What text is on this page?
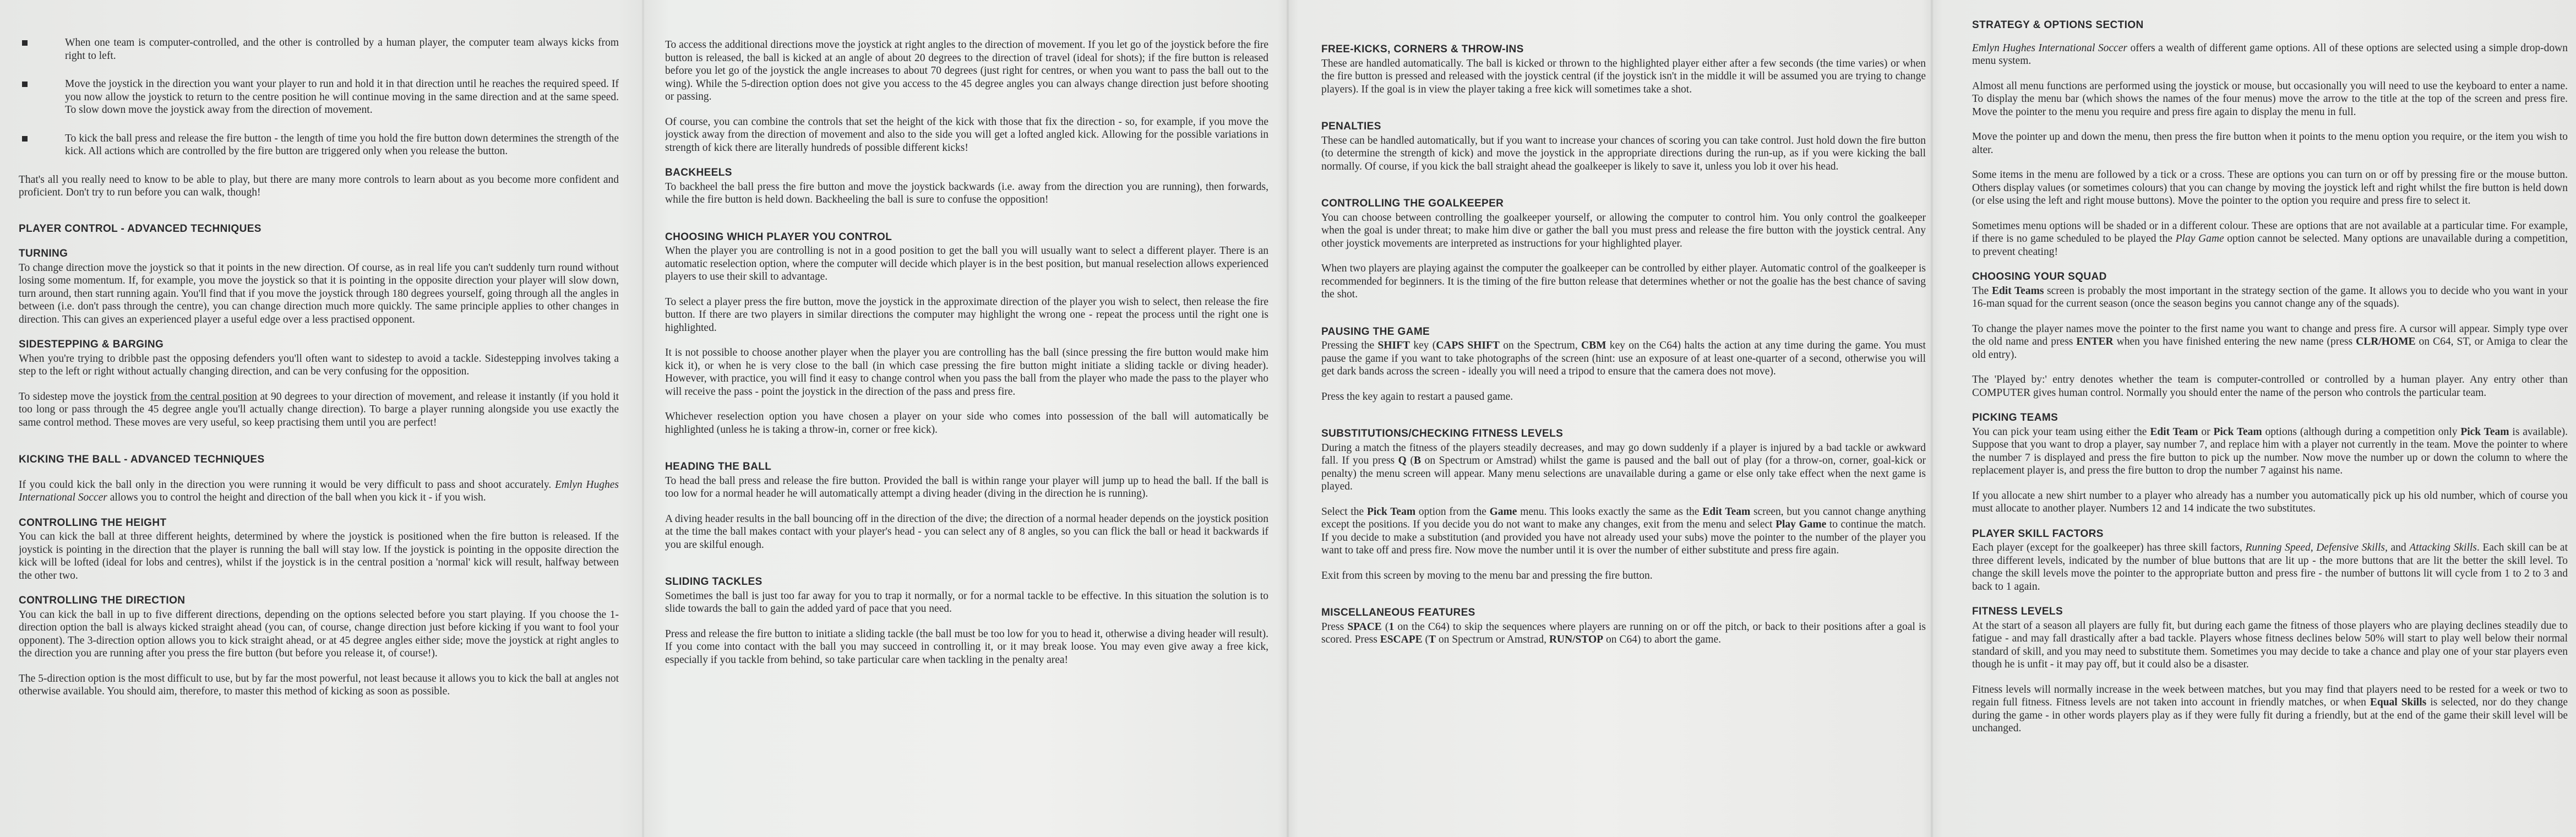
When one team is computer-controlled, and the other is controlled by a human player, the computer team always kicks from right to left.
Move the joystick in the direction you want your player to run and hold it in that direction until he reaches the required speed. If you now allow the joystick to return to the centre position he will continue moving in the same direction and at the same speed. To slow down move the joystick away from the direction of movement.
To kick the ball press and release the fire button - the length of time you hold the fire button down determines the strength of the kick. All actions which are controlled by the fire button are triggered only when you release the button.

That's all you really need to know to be able to play, but there are many more controls to learn about as you become more confident and proficient. Don't try to run before you can walk, though!

PLAYER CONTROL - ADVANCED TECHNIQUES
TURNING

To change direction move the joystick so that it points in the new direction. Of course, as in real life you can't suddenly turn round without losing some momentum. If, for example, you move the joystick so that it is pointing in the opposite direction your player will slow down, turn around, then start running again. You'll find that if you move the joystick through 180 degrees yourself, going through all the angles in between (i.e. don't pass through the centre), you can change direction much more quickly. The same principle applies to other changes in direction. This can gives an experienced player a useful edge over a less practised opponent.

SIDESTEPPING & BARGING

When you're trying to dribble past the opposing defenders you'll often want to sidestep to avoid a tackle. Sidestepping involves taking a step to the left or right without actually changing direction, and can be very confusing for the opposition.

To sidestep move the joystick from the central position at 90 degrees to your direction of movement, and release it instantly (if you hold it too long or pass through the 45 degree angle you'll actually change direction). To barge a player running alongside you use exactly the same control method. These moves are very useful, so keep practising them until you are perfect!

KICKING THE BALL - ADVANCED TECHNIQUES

If you could kick the ball only in the direction you were running it would be very difficult to pass and shoot accurately. Emlyn Hughes International Soccer allows you to control the height and direction of the ball when you kick it - if you wish.

CONTROLLING THE HEIGHT

You can kick the ball at three different heights, determined by where the joystick is positioned when the fire button is released. If the joystick is pointing in the direction that the player is running the ball will stay low. If the joystick is pointing in the opposite direction the kick will be lofted (ideal for lobs and centres), whilst if the joystick is in the central position a 'normal' kick will result, halfway between the other two.

CONTROLLING THE DIRECTION

You can kick the ball in up to five different directions, depending on the options selected before you start playing. If you choose the 1-direction option the ball is always kicked straight ahead (you can, of course, change direction just before kicking if you want to fool your opponent). The 3-direction option allows you to kick straight ahead, or at 45 degree angles either side; move the joystick at right angles to the direction you are running after you press the fire button (but before you release it, of course!).

The 5-direction option is the most difficult to use, but by far the most powerful, not least because it allows you to kick the ball at angles not otherwise available. You should aim, therefore, to master this method of kicking as soon as possible.

To access the additional directions move the joystick at right angles to the direction of movement. If you let go of the joystick before the fire button is released, the ball is kicked at an angle of about 20 degrees to the direction of travel (ideal for shots); if the fire button is released before you let go of the joystick the angle increases to about 70 degrees (just right for centres, or when you want to pass the ball out to the wing). While the 5-direction option does not give you access to the 45 degree angles you can always change direction just before shooting or passing.

Of course, you can combine the controls that set the height of the kick with those that fix the direction - so, for example, if you move the joystick away from the direction of movement and also to the side you will get a lofted angled kick. Allowing for the possible variations in strength of kick there are literally hundreds of possible different kicks!

BACKHEELS

To backheel the ball press the fire button and move the joystick backwards (i.e. away from the direction you are running), then forwards, while the fire button is held down. Backheeling the ball is sure to confuse the opposition!

CHOOSING WHICH PLAYER YOU CONTROL

When the player you are controlling is not in a good position to get the ball you will usually want to select a different player. There is an automatic reselection option, where the computer will decide which player is in the best position, but manual reselection allows experienced players to use their skill to advantage.

To select a player press the fire button, move the joystick in the approximate direction of the player you wish to select, then release the fire button. If there are two players in similar directions the computer may highlight the wrong one - repeat the process until the right one is highlighted.

It is not possible to choose another player when the player you are controlling has the ball (since pressing the fire button would make him kick it), or when he is very close to the ball (in which case pressing the fire button might initiate a sliding tackle or diving header). However, with practice, you will find it easy to change control when you pass the ball from the player who made the pass to the player who will receive the pass - point the joystick in the direction of the pass and press fire.

Whichever reselection option you have chosen a player on your side who comes into possession of the ball will automatically be highlighted (unless he is taking a throw-in, corner or free kick).

HEADING THE BALL

To head the ball press and release the fire button. Provided the ball is within range your player will jump up to head the ball. If the ball is too low for a normal header he will automatically attempt a diving header (diving in the direction he is running).

A diving header results in the ball bouncing off in the direction of the dive; the direction of a normal header depends on the joystick position at the time the ball makes contact with your player's head - you can select any of 8 angles, so you can flick the ball or head it backwards if you are skilful enough.

SLIDING TACKLES

Sometimes the ball is just too far away for you to trap it normally, or for a normal tackle to be effective. In this situation the solution is to slide towards the ball to gain the added yard of pace that you need.

Press and release the fire button to initiate a sliding tackle (the ball must be too low for you to head it, otherwise a diving header will result). If you come into contact with the ball you may succeed in controlling it, or it may break loose. You may even give away a free kick, especially if you tackle from behind, so take particular care when tackling in the penalty area!

FREE-KICKS, CORNERS & THROW-INS

These are handled automatically. The ball is kicked or thrown to the highlighted player either after a few seconds (the time varies) or when the fire button is pressed and released with the joystick central (if the joystick isn't in the middle it will be assumed you are trying to change players). If the goal is in view the player taking a free kick will sometimes take a shot.

PENALTIES

These can be handled automatically, but if you want to increase your chances of scoring you can take control. Just hold down the fire button (to determine the strength of kick) and move the joystick in the appropriate directions during the run-up, as if you were kicking the ball normally. Of course, if you kick the ball straight ahead the goalkeeper is likely to save it, unless you lob it over his head.

CONTROLLING THE GOALKEEPER

You can choose between controlling the goalkeeper yourself, or allowing the computer to control him. You only control the goalkeeper when the goal is under threat; to make him dive or gather the ball you must press and release the fire button with the joystick central. Any other joystick movements are interpreted as instructions for your highlighted player.

When two players are playing against the computer the goalkeeper can be controlled by either player. Automatic control of the goalkeeper is recommended for beginners. It is the timing of the fire button release that determines whether or not the goalie has the best chance of saving the shot.

PAUSING THE GAME

Pressing the SHIFT key (CAPS SHIFT on the Spectrum, CBM key on the C64) halts the action at any time during the game. You must pause the game if you want to take photographs of the screen (hint: use an exposure of at least one-quarter of a second, otherwise you will get dark bands across the screen - ideally you will need a tripod to ensure that the camera does not move).

Press the key again to restart a paused game.

SUBSTITUTIONS/CHECKING FITNESS LEVELS

During a match the fitness of the players steadily decreases, and may go down suddenly if a player is injured by a bad tackle or awkward fall. If you press Q (B on Spectrum or Amstrad) whilst the game is paused and the ball out of play (for a throw-on, corner, goal-kick or penalty) the menu screen will appear. Many menu selections are unavailable during a game or else only take effect when the next game is played.

Select the Pick Team option from the Game menu. This looks exactly the same as the Edit Team screen, but you cannot change anything except the positions. If you decide you do not want to make any changes, exit from the menu and select Play Game to continue the match. If you decide to make a substitution (and provided you have not already used your subs) move the pointer to the number of the player you want to take off and press fire. Now move the number until it is over the number of either substitute and press fire again.

Exit from this screen by moving to the menu bar and pressing the fire button.

MISCELLANEOUS FEATURES

Press SPACE (1 on the C64) to skip the sequences where players are running on or off the pitch, or back to their positions after a goal is scored. Press ESCAPE (T on Spectrum or Amstrad, RUN/STOP on C64) to abort the game.

STRATEGY & OPTIONS SECTION

Emlyn Hughes International Soccer offers a wealth of different game options. All of these options are selected using a simple drop-down menu system.

Almost all menu functions are performed using the joystick or mouse, but occasionally you will need to use the keyboard to enter a name. To display the menu bar (which shows the names of the four menus) move the arrow to the title at the top of the screen and press fire. Move the pointer to the menu you require and press fire again to display the menu in full.

Move the pointer up and down the menu, then press the fire button when it points to the menu option you require, or the item you wish to alter.

Some items in the menu are followed by a tick or a cross. These are options you can turn on or off by pressing fire or the mouse button. Others display values (or sometimes colours) that you can change by moving the joystick left and right whilst the fire button is held down (or else using the left and right mouse buttons). Move the pointer to the option you require and press fire to select it.

Sometimes menu options will be shaded or in a different colour. These are options that are not available at a particular time. For example, if there is no game scheduled to be played the Play Game option cannot be selected. Many options are unavailable during a competition, to prevent cheating!

CHOOSING YOUR SQUAD

The Edit Teams screen is probably the most important in the strategy section of the game. It allows you to decide who you want in your 16-man squad for the current season (once the season begins you cannot change any of the squads).

To change the player names move the pointer to the first name you want to change and press fire. A cursor will appear. Simply type over the old name and press ENTER when you have finished entering the new name (press CLR/HOME on C64, ST, or Amiga to clear the old entry).

The 'Played by:' entry denotes whether the team is computer-controlled or controlled by a human player. Any entry other than COMPUTER gives human control. Normally you should enter the name of the person who controls the particular team.

PICKING TEAMS

You can pick your team using either the Edit Team or Pick Team options (although during a competition only Pick Team is available). Suppose that you want to drop a player, say number 7, and replace him with a player not currently in the team. Move the pointer to where the number 7 is displayed and press the fire button to pick up the number. Now move the number up or down the column to where the replacement player is, and press the fire button to drop the number 7 against his name.

If you allocate a new shirt number to a player who already has a number you automatically pick up his old number, which of course you must allocate to another player. Numbers 12 and 14 indicate the two substitutes.

PLAYER SKILL FACTORS

Each player (except for the goalkeeper) has three skill factors, Running Speed, Defensive Skills, and Attacking Skills. Each skill can be at three different levels, indicated by the number of blue buttons that are lit up - the more buttons that are lit the better the skill level. To change the skill levels move the pointer to the appropriate button and press fire - the number of buttons lit will cycle from 1 to 2 to 3 and back to 1 again.

FITNESS LEVELS

At the start of a season all players are fully fit, but during each game the fitness of those players who are playing declines steadily due to fatigue - and may fall drastically after a bad tackle. Players whose fitness declines below 50% will start to play well below their normal standard of skill, and you may need to substitute them. Sometimes you may decide to take a chance and play one of your star players even though he is unfit - it may pay off, but it could also be a disaster.

Fitness levels will normally increase in the week between matches, but you may find that players need to be rested for a week or two to regain full fitness. Fitness levels are not taken into account in friendly matches, or when Equal Skills is selected, nor do they change during the game - in other words players play as if they were fully fit during a friendly, but at the end of the game their skill level will be unchanged.
